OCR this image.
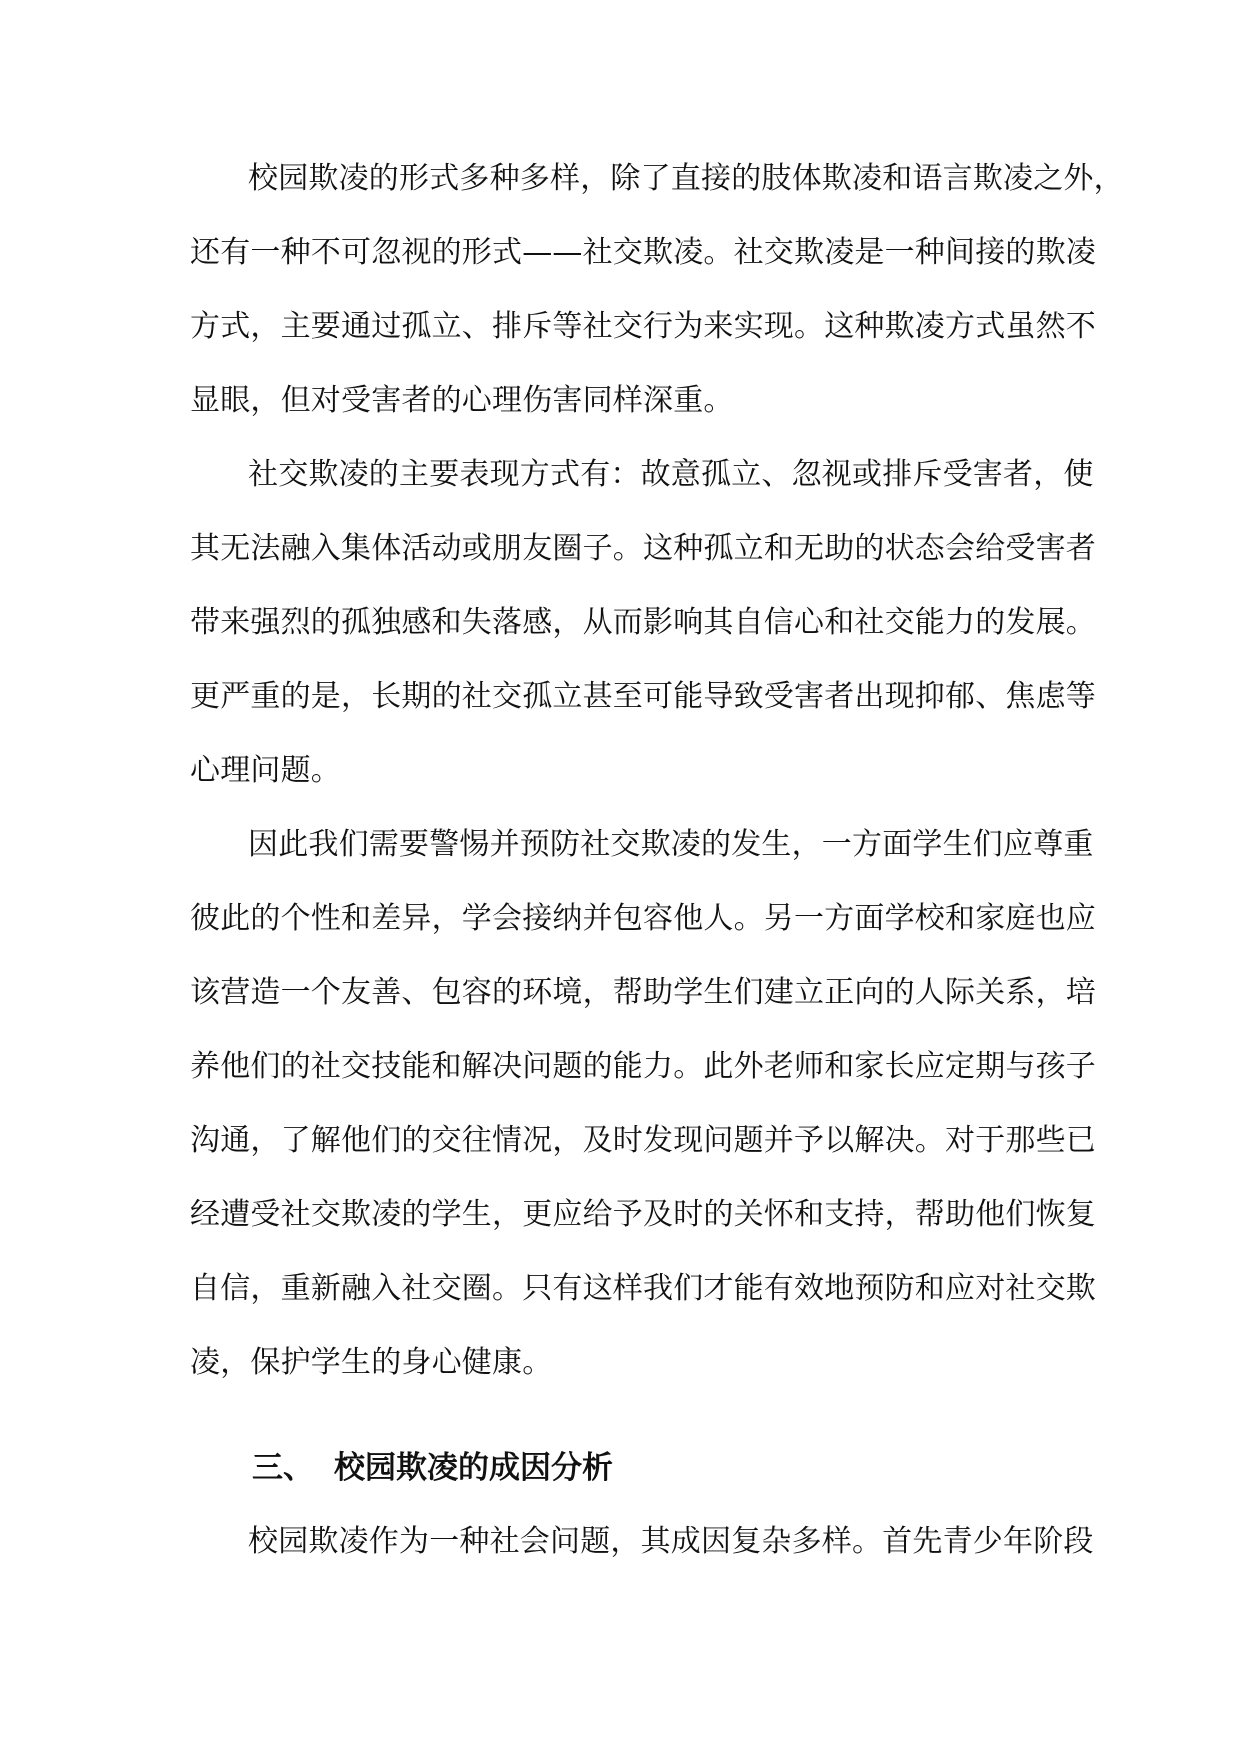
校园欺凌的形式多种多样，除了直接的肢体欺凌和语言欺凌之外，

还有一种不可忽视的形式——社交欺凌。社交欺凌是一种间接的欺凌

方式，主要通过孤立、排斥等社交行为来实现。这种欺凌方式虽然不

显眼，但对受害者的心理伤害同样深重。

社交欺凌的主要表现方式有：故意孤立、忽视或排斥受害者，使

其无法融入集体活动或朋友圈子。这种孤立和无助的状态会给受害者

带来强烈的孤独感和失落感，从而影响其自信心和社交能力的发展。

更严重的是，长期的社交孤立甚至可能导致受害者出现抑郁、焦虑等

心理问题。

因此我们需要警惕并预防社交欺凌的发生，一方面学生们应尊重

彼此的个性和差异，学会接纳并包容他人。另一方面学校和家庭也应

该营造一个友善、包容的环境，帮助学生们建立正向的人际关系，培

养他们的社交技能和解决问题的能力。此外老师和家长应定期与孩子

沟通，了解他们的交往情况，及时发现问题并予以解决。对于那些已

经遭受社交欺凌的学生，更应给予及时的关怀和支持，帮助他们恢复

自信，重新融入社交圈。只有这样我们才能有效地预防和应对社交欺

凌，保护学生的身心健康。

三、 校园欺凌的成因分析

校园欺凌作为一种社会问题，其成因复杂多样。首先青少年阶段
